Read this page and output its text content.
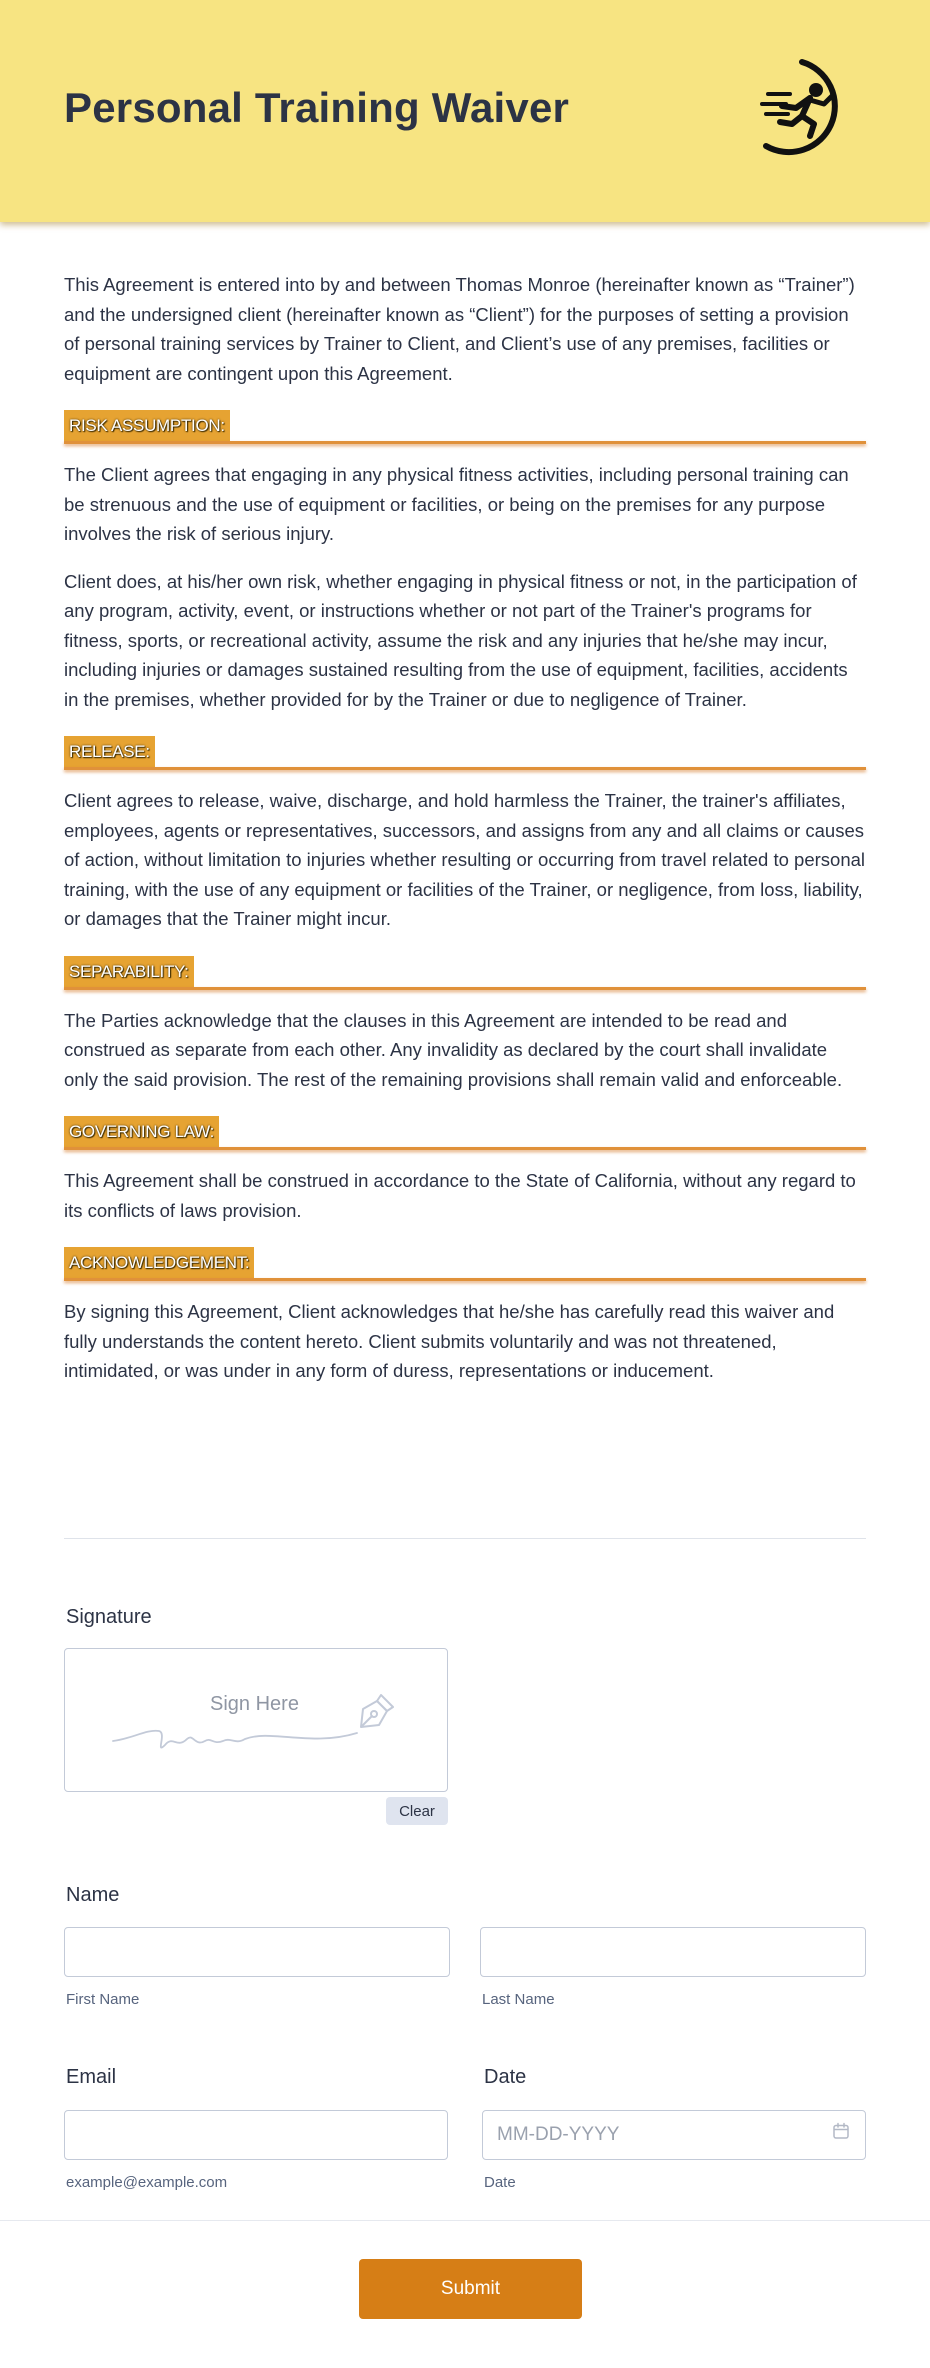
Personal Training Waiver

This Agreement is entered into by and between Thomas Monroe (hereinafter known as “Trainer”) and the undersigned client (hereinafter known as “Client”) for the purposes of setting a provision of personal training services by Trainer to Client, and Client’s use of any premises, facilities or equipment are contingent upon this Agreement.

RISK ASSUMPTION:

The Client agrees that engaging in any physical fitness activities, including personal training can be strenuous and the use of equipment or facilities, or being on the premises for any purpose involves the risk of serious injury.

Client does, at his/her own risk, whether engaging in physical fitness or not, in the participation of any program, activity, event, or instructions whether or not part of the Trainer's programs for fitness, sports, or recreational activity, assume the risk and any injuries that he/she may incur, including injuries or damages sustained resulting from the use of equipment, facilities, accidents in the premises, whether provided for by the Trainer or due to negligence of Trainer.

RELEASE:

Client agrees to release, waive, discharge, and hold harmless the Trainer, the trainer's affiliates, employees, agents or representatives, successors, and assigns from any and all claims or causes of action, without limitation to injuries whether resulting or occurring from travel related to personal training, with the use of any equipment or facilities of the Trainer, or negligence, from loss, liability, or damages that the Trainer might incur.

SEPARABILITY:

The Parties acknowledge that the clauses in this Agreement are intended to be read and construed as separate from each other. Any invalidity as declared by the court shall invalidate only the said provision. The rest of the remaining provisions shall remain valid and enforceable.

GOVERNING LAW:

This Agreement shall be construed in accordance to the State of California, without any regard to its conflicts of laws provision.

ACKNOWLEDGEMENT:

By signing this Agreement, Client acknowledges that he/she has carefully read this waiver and fully understands the content hereto. Client submits voluntarily and was not threatened, intimidated, or was under in any form of duress, representations or inducement.

Signature
Sign Here
Clear
Name
First Name	Last Name
Email
example@example.com
Date
MM-DD-YYYY
Date
Submit
